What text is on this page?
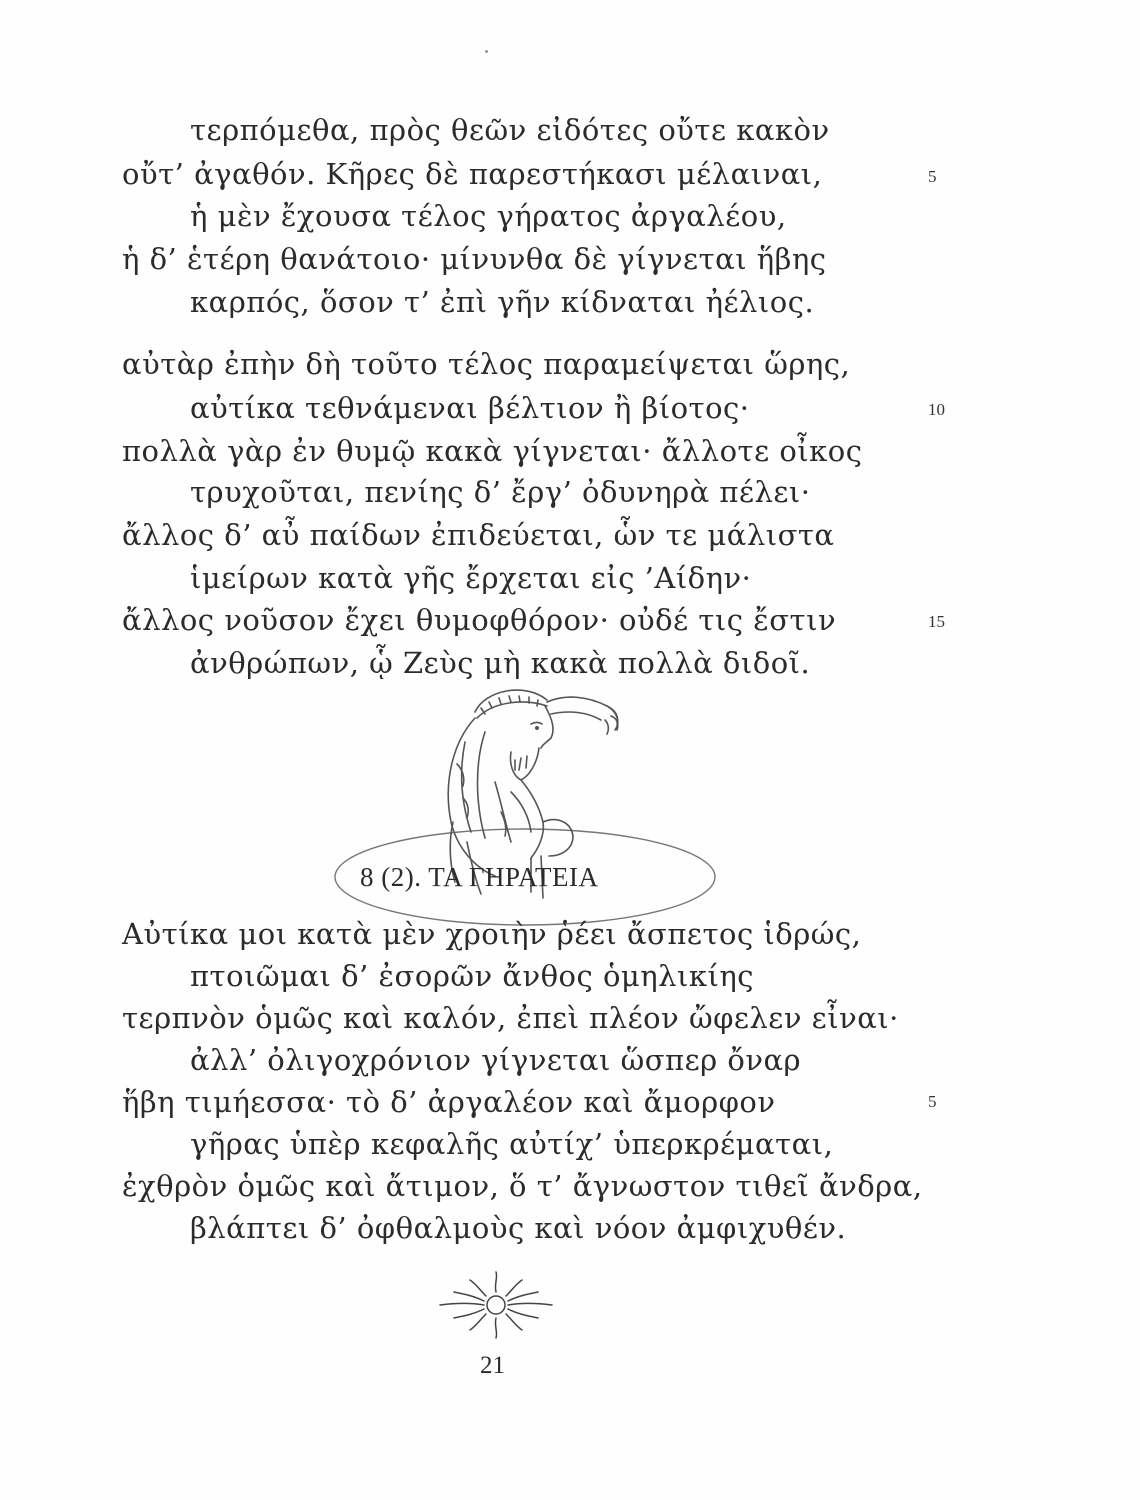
τερπόμεθα, πρὸς θεῶν εἰδότες οὔτε κακὸν
οὔτ’ ἀγαθόν. Κῆρες δὲ παρεστήκασι μέλαιναι,
ἡ μὲν ἔχουσα τέλος γήρατος ἀργαλέου,
ἡ δ’ ἑτέρη θανάτοιο· μίνυνθα δὲ γίγνεται ἥβης
καρπός, ὅσον τ’ ἐπὶ γῆν κίδναται ἠέλιος.
αὐτὰρ ἐπὴν δὴ τοῦτο τέλος παραμείψεται ὥρης,
αὐτίκα τεθνάμεναι βέλτιον ἢ βίοτος·
πολλὰ γὰρ ἐν θυμῷ κακὰ γίγνεται· ἄλλοτε οἶκος
τρυχοῦται, πενίης δ’ ἔργ’ ὀδυνηρὰ πέλει·
ἄλλος δ’ αὖ παίδων ἐπιδεύεται, ὧν τε μάλιστα
ἱμείρων κατὰ γῆς ἔρχεται εἰς ’Αίδην·
ἄλλος νοῦσον ἔχει θυμοφθόρον· οὐδέ τις ἔστιν
ἀνθρώπων, ᾧ Ζεὺς μὴ κακὰ πολλὰ διδοῖ.
5
10
15
8 (2). ΤΑ ΓΗΡΑΤΕΙΑ
Αὐτίκα μοι κατὰ μὲν χροιὴν ῥέει ἄσπετος ἱδρώς,
πτοιῶμαι δ’ ἐσορῶν ἄνθος ὁμηλικίης
τερπνὸν ὁμῶς καὶ καλόν, ἐπεὶ πλέον ὤφελεν εἶναι·
ἀλλ’ ὀλιγοχρόνιον γίγνεται ὥσπερ ὄναρ
ἥβη τιμήεσσα· τὸ δ’ ἀργαλέον καὶ ἄμορφον
γῆρας ὑπὲρ κεφαλῆς αὐτίχ’ ὑπερκρέμαται,
ἐχθρὸν ὁμῶς καὶ ἄτιμον, ὅ τ’ ἄγνωστον τιθεῖ ἄνδρα,
βλάπτει δ’ ὀφθαλμοὺς καὶ νόον ἀμφιχυθέν.
5
21
